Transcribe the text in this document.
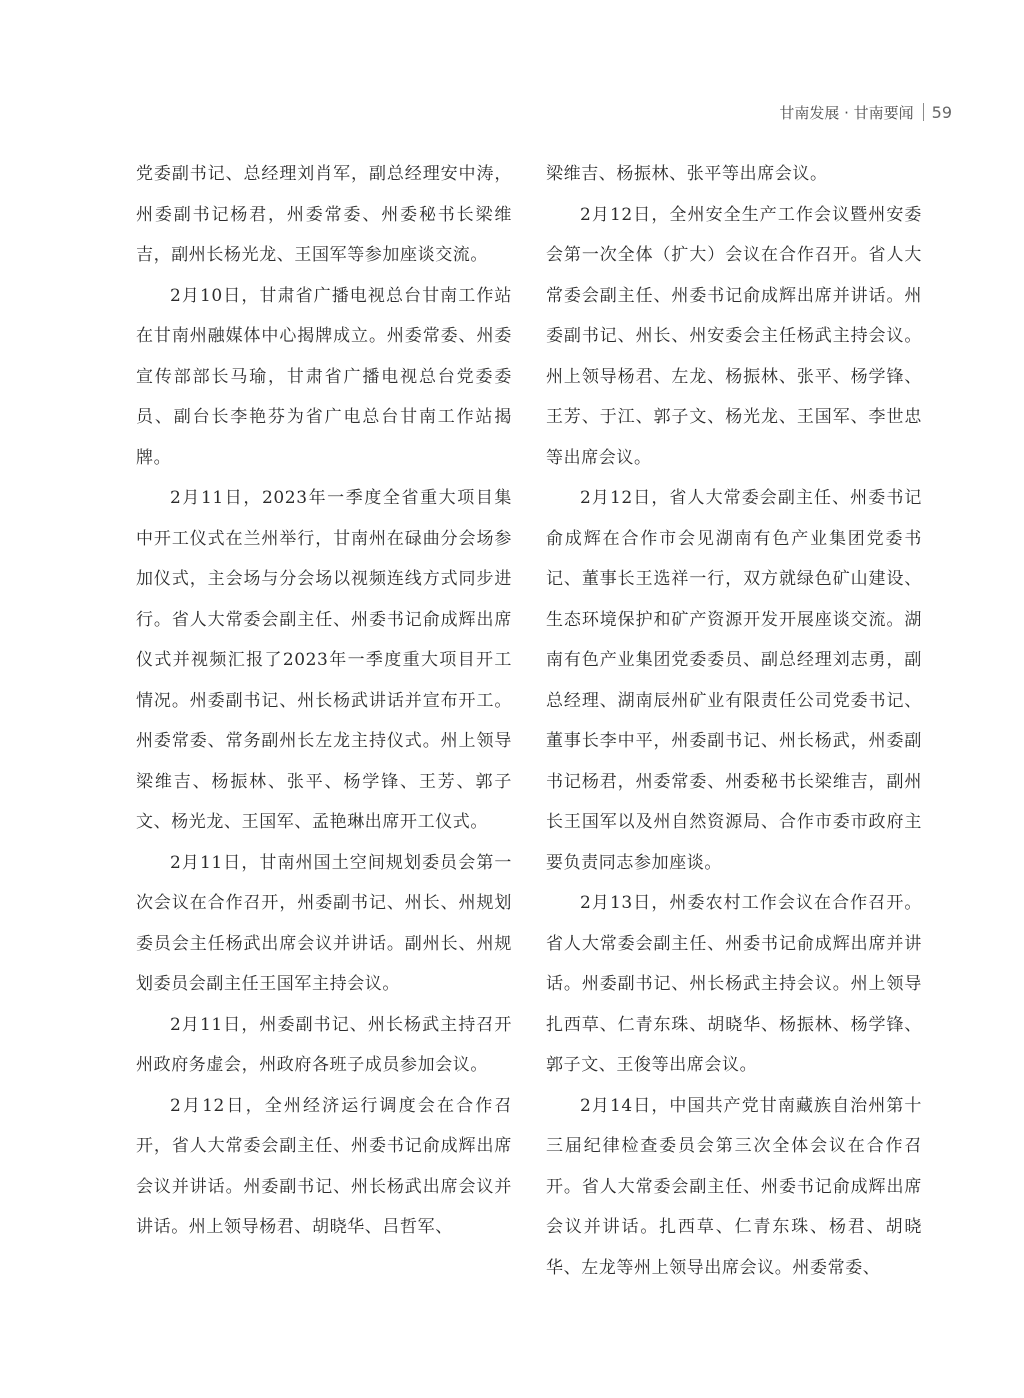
甘南发展 · 甘南要闻 59

党委副书记、总经理刘肖军，副总经理安中涛，州委副书记杨君，州委常委、州委秘书长梁维吉，副州长杨光龙、王国军等参加座谈交流。

2月10日，甘肃省广播电视总台甘南工作站在甘南州融媒体中心揭牌成立。州委常委、州委宣传部部长马瑜，甘肃省广播电视总台党委委员、副台长李艳芬为省广电总台甘南工作站揭牌。

2月11日，2023年一季度全省重大项目集中开工仪式在兰州举行，甘南州在碌曲分会场参加仪式，主会场与分会场以视频连线方式同步进行。省人大常委会副主任、州委书记俞成辉出席仪式并视频汇报了2023年一季度重大项目开工情况。州委副书记、州长杨武讲话并宣布开工。州委常委、常务副州长左龙主持仪式。州上领导梁维吉、杨振林、张平、杨学锋、王芳、郭子文、杨光龙、王国军、孟艳琳出席开工仪式。

2月11日，甘南州国土空间规划委员会第一次会议在合作召开，州委副书记、州长、州规划委员会主任杨武出席会议并讲话。副州长、州规划委员会副主任王国军主持会议。

2月11日，州委副书记、州长杨武主持召开州政府务虚会，州政府各班子成员参加会议。

2月12日，全州经济运行调度会在合作召开，省人大常委会副主任、州委书记俞成辉出席会议并讲话。州委副书记、州长杨武出席会议并讲话。州上领导杨君、胡晓华、吕哲军、

梁维吉、杨振林、张平等出席会议。

2月12日，全州安全生产工作会议暨州安委会第一次全体（扩大）会议在合作召开。省人大常委会副主任、州委书记俞成辉出席并讲话。州委副书记、州长、州安委会主任杨武主持会议。州上领导杨君、左龙、杨振林、张平、杨学锋、王芳、于江、郭子文、杨光龙、王国军、李世忠等出席会议。

2月12日，省人大常委会副主任、州委书记俞成辉在合作市会见湖南有色产业集团党委书记、董事长王选祥一行，双方就绿色矿山建设、生态环境保护和矿产资源开发开展座谈交流。湖南有色产业集团党委委员、副总经理刘志勇，副总经理、湖南辰州矿业有限责任公司党委书记、董事长李中平，州委副书记、州长杨武，州委副书记杨君，州委常委、州委秘书长梁维吉，副州长王国军以及州自然资源局、合作市委市政府主要负责同志参加座谈。

2月13日，州委农村工作会议在合作召开。省人大常委会副主任、州委书记俞成辉出席并讲话。州委副书记、州长杨武主持会议。州上领导扎西草、仁青东珠、胡晓华、杨振林、杨学锋、郭子文、王俊等出席会议。

2月14日，中国共产党甘南藏族自治州第十三届纪律检查委员会第三次全体会议在合作召开。省人大常委会副主任、州委书记俞成辉出席会议并讲话。扎西草、仁青东珠、杨君、胡晓华、左龙等州上领导出席会议。州委常委、
